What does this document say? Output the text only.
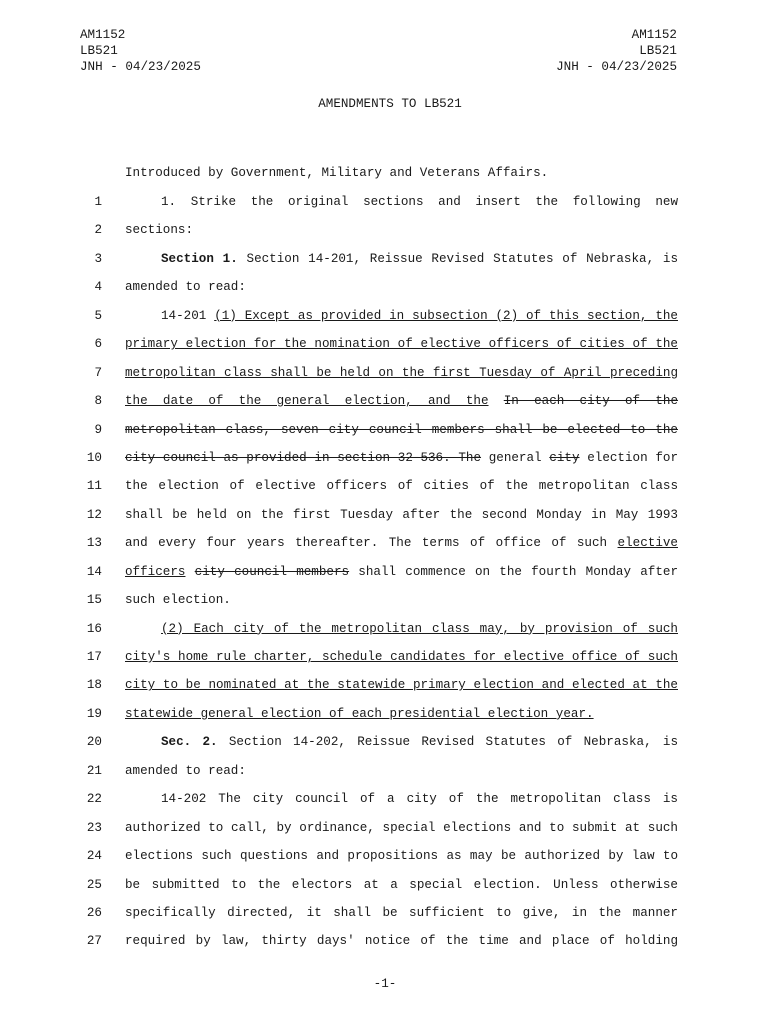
AM1152
LB521
JNH - 04/23/2025
AM1152
LB521
JNH - 04/23/2025
AMENDMENTS TO LB521
Introduced by Government, Military and Veterans Affairs.
1	1. Strike the original sections and insert the following new
2 sections:
3	Section 1. Section 14-201, Reissue Revised Statutes of Nebraska, is
4 amended to read:
5	14-201 (1) Except as provided in subsection (2) of this section, the
6 primary election for the nomination of elective officers of cities of the
7 metropolitan class shall be held on the first Tuesday of April preceding
8 the date of the general election, and the In each city of the
9 metropolitan class, seven city council members shall be elected to the
10 city council as provided in section 32-536. The general city election for
11 the election of elective officers of cities of the metropolitan class
12 shall be held on the first Tuesday after the second Monday in May 1993
13 and every four years thereafter. The terms of office of such elective
14 officers city council members shall commence on the fourth Monday after
15 such election.
16	(2) Each city of the metropolitan class may, by provision of such
17 city's home rule charter, schedule candidates for elective office of such
18 city to be nominated at the statewide primary election and elected at the
19 statewide general election of each presidential election year.
20	Sec. 2. Section 14-202, Reissue Revised Statutes of Nebraska, is
21 amended to read:
22	14-202 The city council of a city of the metropolitan class is
23 authorized to call, by ordinance, special elections and to submit at such
24 elections such questions and propositions as may be authorized by law to
25 be submitted to the electors at a special election. Unless otherwise
26 specifically directed, it shall be sufficient to give, in the manner
27 required by law, thirty days' notice of the time and place of holding
-1-
